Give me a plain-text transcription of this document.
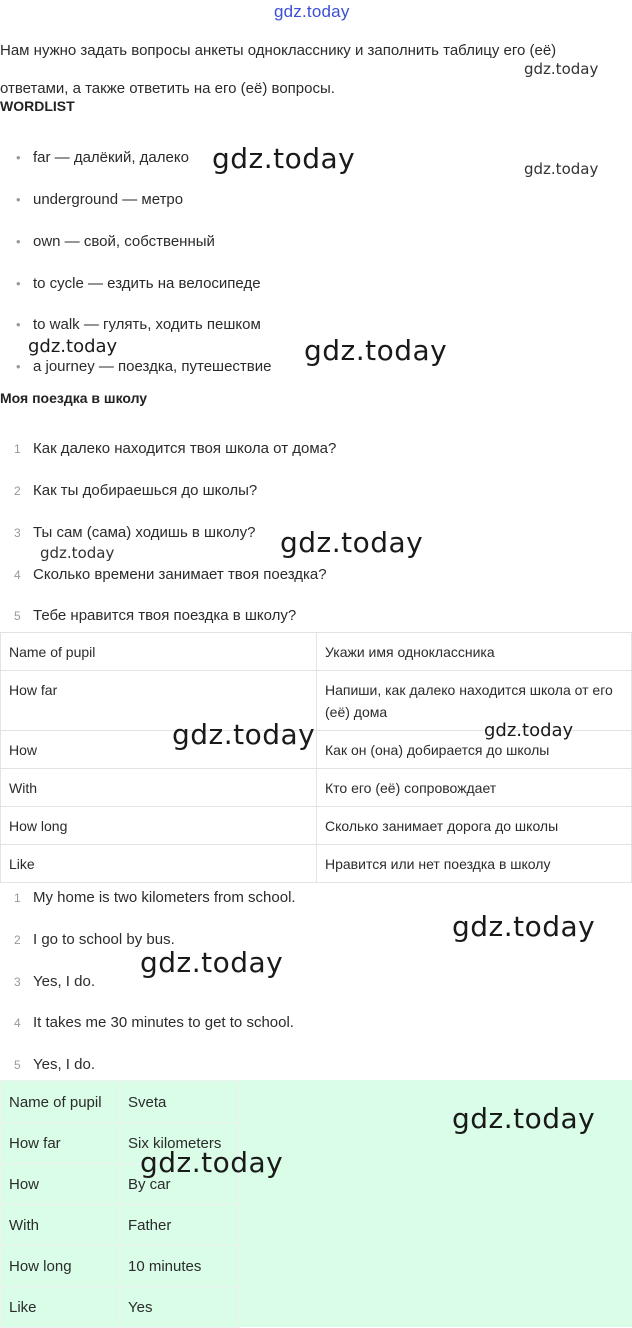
gdz.today
Нам нужно задать вопросы анкеты однокласснику и заполнить таблицу его (её) ответами, а также ответить на его (её) вопросы.
WORDLIST
• far — далёкий, далеко
• underground — метро
• own — свой, собственный
• to cycle — ездить на велосипеде
• to walk — гулять, ходить пешком
• a journey — поездка, путешествие
Моя поездка в школу
1 Как далеко находится твоя школа от дома?
2 Как ты добираешься до школы?
3 Ты сам (сама) ходишь в школу?
4 Сколько времени занимает твоя поездка?
5 Тебе нравится твоя поездка в школу?
Name of pupil	Укажи имя одноклассника
How far	Напиши, как далеко находится школа от его (её) дома
How	Как он (она) добирается до школы
With	Кто его (её) сопровождает
How long	Сколько занимает дорога до школы
Like	Нравится или нет поездка в школу
1 My home is two kilometers from school.
2 I go to school by bus.
3 Yes, I do.
4 It takes me 30 minutes to get to school.
5 Yes, I do.
Name of pupil	Sveta
How far	Six kilometers
How	By car
With	Father
How long	10 minutes
Like	Yes
gdz.today
gdz.today	gdz.today
gdz.today	gdz.today
gdz.today
gdz.today
gdz.today	gdz.today
gdz.today
gdz.today
gdz.today
gdz.today
